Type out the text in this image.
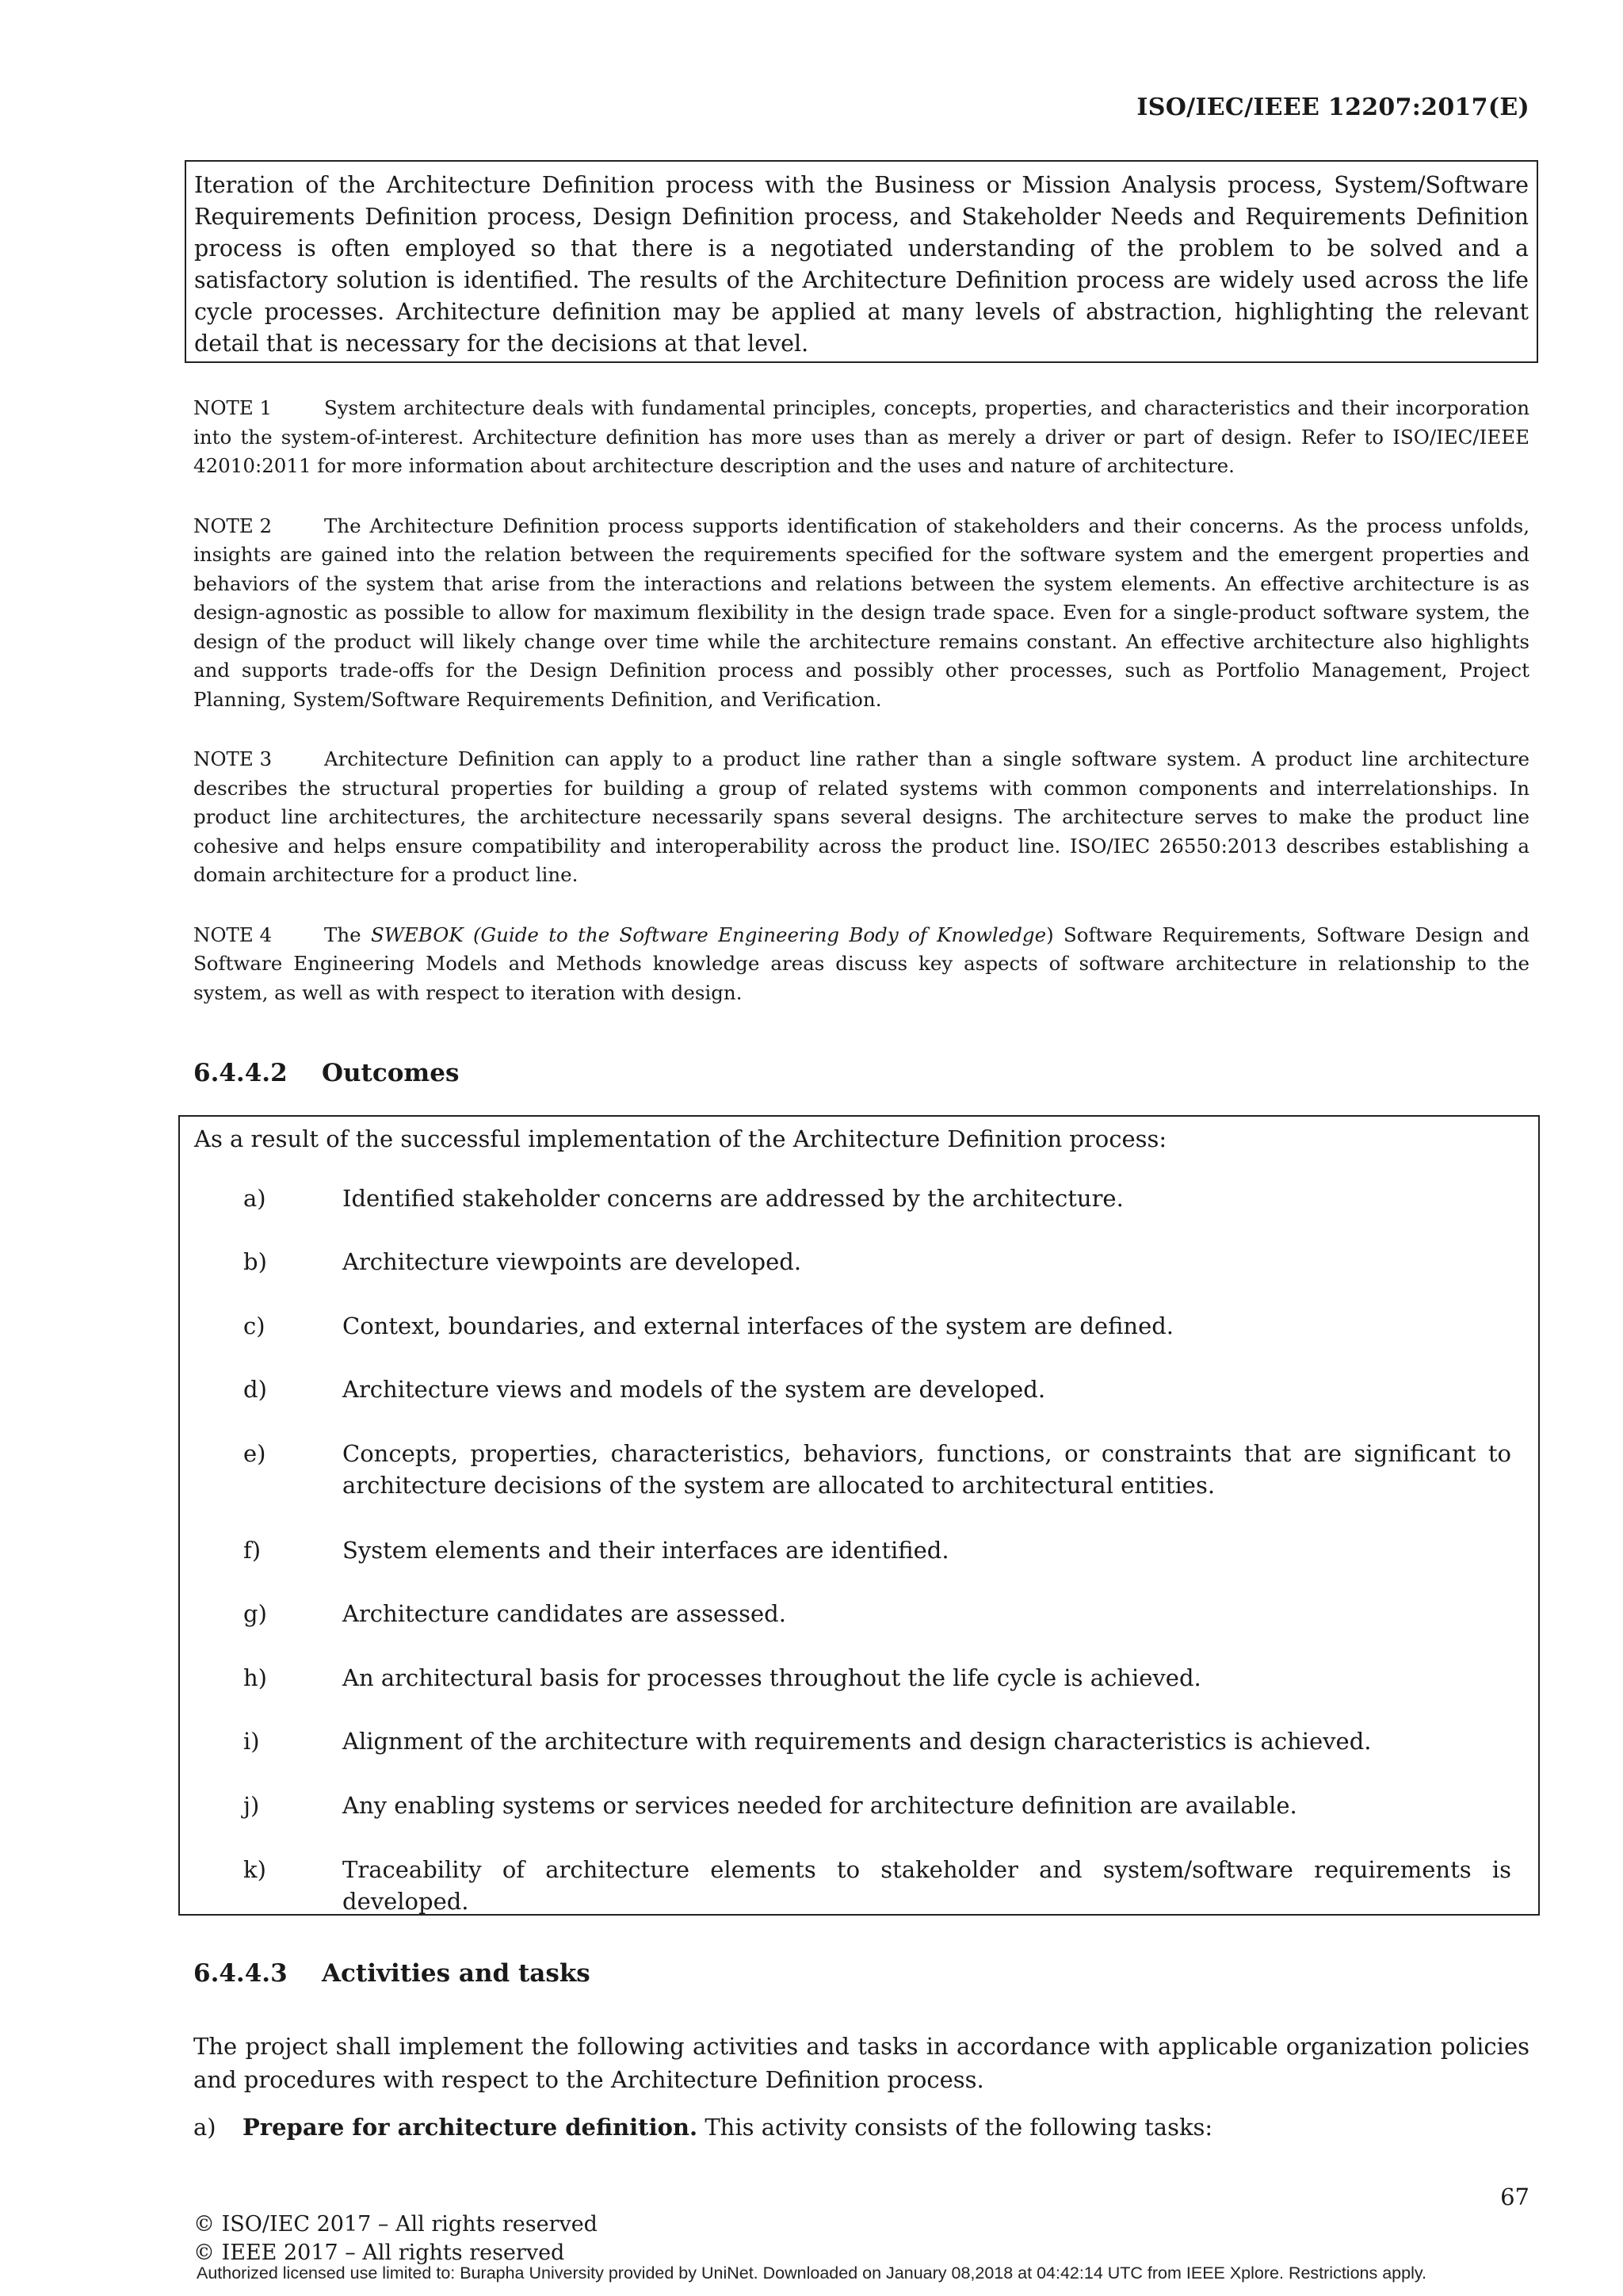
ISO/IEC/IEEE 12207:2017(E)
Iteration of the Architecture Definition process with the Business or Mission Analysis process, System/Software Requirements Definition process, Design Definition process, and Stakeholder Needs and Requirements Definition process is often employed so that there is a negotiated understanding of the problem to be solved and a satisfactory solution is identified. The results of the Architecture Definition process are widely used across the life cycle processes. Architecture definition may be applied at many levels of abstraction, highlighting the relevant detail that is necessary for the decisions at that level.
NOTE 1	System architecture deals with fundamental principles, concepts, properties, and characteristics and their incorporation into the system-of-interest. Architecture definition has more uses than as merely a driver or part of design. Refer to ISO/IEC/IEEE 42010:2011 for more information about architecture description and the uses and nature of architecture.
NOTE 2	The Architecture Definition process supports identification of stakeholders and their concerns. As the process unfolds, insights are gained into the relation between the requirements specified for the software system and the emergent properties and behaviors of the system that arise from the interactions and relations between the system elements. An effective architecture is as design-agnostic as possible to allow for maximum flexibility in the design trade space. Even for a single-product software system, the design of the product will likely change over time while the architecture remains constant. An effective architecture also highlights and supports trade-offs for the Design Definition process and possibly other processes, such as Portfolio Management, Project Planning, System/Software Requirements Definition, and Verification.
NOTE 3	Architecture Definition can apply to a product line rather than a single software system. A product line architecture describes the structural properties for building a group of related systems with common components and interrelationships. In product line architectures, the architecture necessarily spans several designs. The architecture serves to make the product line cohesive and helps ensure compatibility and interoperability across the product line. ISO/IEC 26550:2013 describes establishing a domain architecture for a product line.
NOTE 4	The SWEBOK (Guide to the Software Engineering Body of Knowledge) Software Requirements, Software Design and Software Engineering Models and Methods knowledge areas discuss key aspects of software architecture in relationship to the system, as well as with respect to iteration with design.
6.4.4.2 Outcomes
As a result of the successful implementation of the Architecture Definition process:
a)	Identified stakeholder concerns are addressed by the architecture.
b)	Architecture viewpoints are developed.
c)	Context, boundaries, and external interfaces of the system are defined.
d)	Architecture views and models of the system are developed.
e)	Concepts, properties, characteristics, behaviors, functions, or constraints that are significant to architecture decisions of the system are allocated to architectural entities.
f)	System elements and their interfaces are identified.
g)	Architecture candidates are assessed.
h)	An architectural basis for processes throughout the life cycle is achieved.
i)	Alignment of the architecture with requirements and design characteristics is achieved.
j)	Any enabling systems or services needed for architecture definition are available.
k)	Traceability of architecture elements to stakeholder and system/software requirements is developed.
6.4.4.3 Activities and tasks
The project shall implement the following activities and tasks in accordance with applicable organization policies and procedures with respect to the Architecture Definition process.
a) Prepare for architecture definition. This activity consists of the following tasks:
67
© ISO/IEC 2017 – All rights reserved
© IEEE 2017 – All rights reserved
Authorized licensed use limited to: Burapha University provided by UniNet. Downloaded on January 08,2018 at 04:42:14 UTC from IEEE Xplore. Restrictions apply.
